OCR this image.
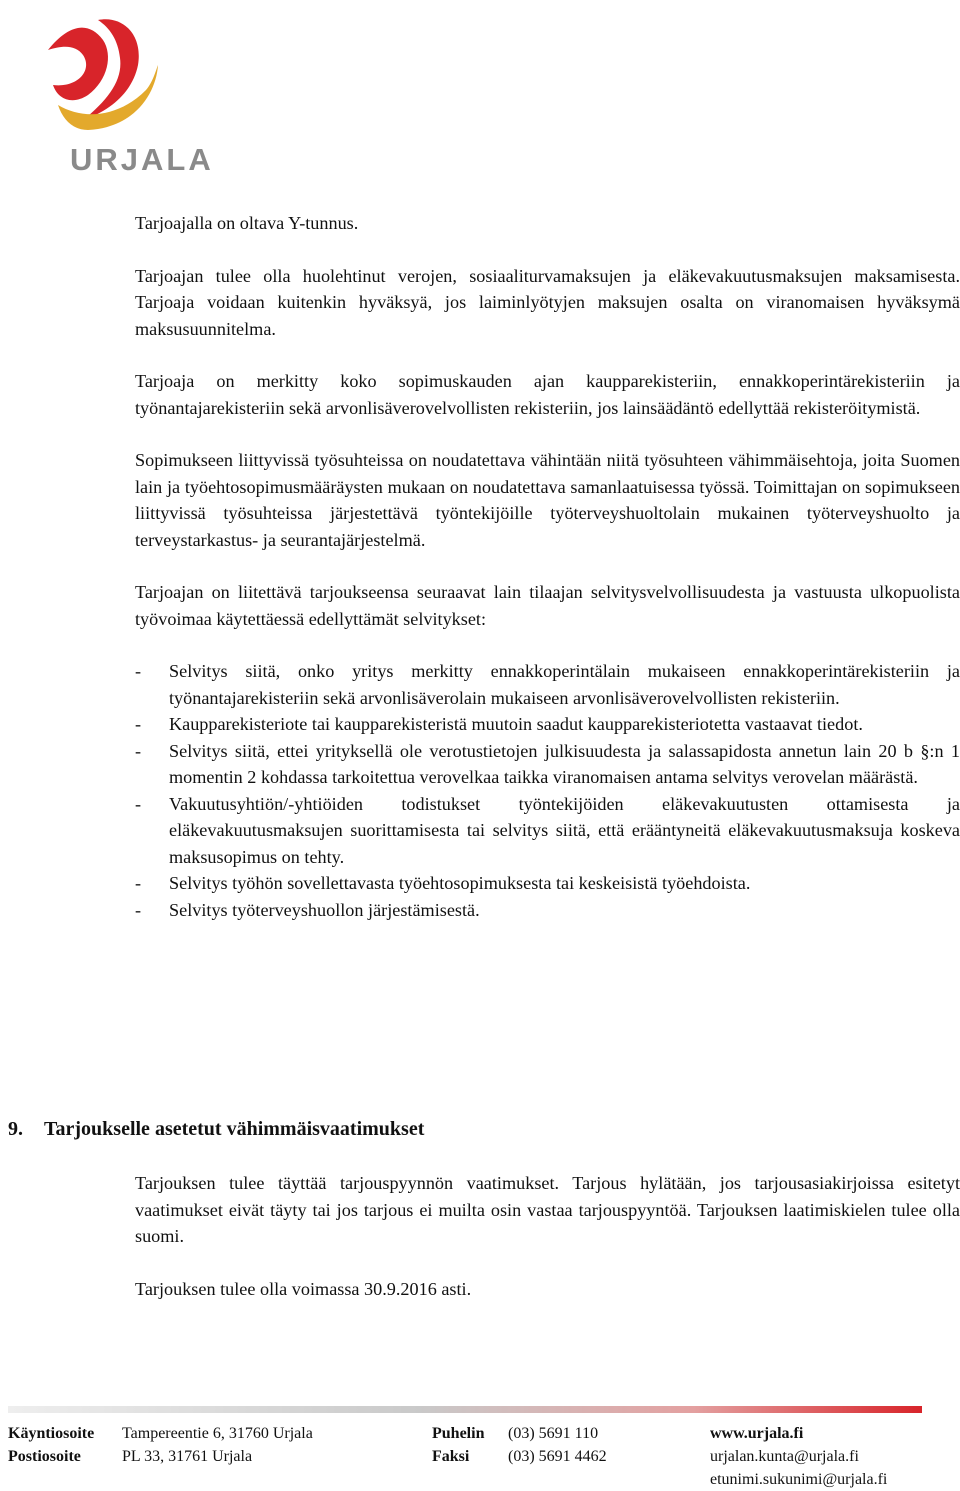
URJALA

Tarjoajalla on oltava Y-tunnus.

Tarjoajan tulee olla huolehtinut verojen, sosiaaliturvamaksujen ja eläkevakuutusmaksujen maksamisesta. Tarjoaja voidaan kuitenkin hyväksyä, jos laiminlyötyjen maksujen osalta on viranomaisen hyväksymä maksusuunnitelma.

Tarjoaja on merkitty koko sopimuskauden ajan kaupparekisteriin, ennakkoperintärekisteriin ja työnantajarekisteriin sekä arvonlisäverovelvollisten rekisteriin, jos lainsäädäntö edellyttää rekisteröitymistä.

Sopimukseen liittyvissä työsuhteissa on noudatettava vähintään niitä työsuhteen vähimmäisehtoja, joita Suomen lain ja työehtosopimusmääräysten mukaan on noudatettava samanlaatuisessa työssä. Toimittajan on sopimukseen liittyvissä työsuhteissa järjestettävä työntekijöille työterveyshuoltolain mukainen työterveyshuolto ja terveystarkastus- ja seurantajärjestelmä.

Tarjoajan on liitettävä tarjoukseensa seuraavat lain tilaajan selvitysvelvollisuudesta ja vastuusta ulkopuolista työvoimaa käytettäessä edellyttämät selvitykset:

- Selvitys siitä, onko yritys merkitty ennakkoperintälain mukaiseen ennakkoperintärekisteriin ja työnantajarekisteriin sekä arvonlisäverolain mukaiseen arvonlisäverovelvollisten rekisteriin.
- Kaupparekisteriote tai kaupparekisteristä muutoin saadut kaupparekisteriotetta vastaavat tiedot.
- Selvitys siitä, ettei yrityksellä ole verotustietojen julkisuudesta ja salassapidosta annetun lain 20 b §:n 1 momentin 2 kohdassa tarkoitettua verovelkaa taikka viranomaisen antama selvitys verovelan määrästä.
- Vakuutusyhtiön/-yhtiöiden todistukset työntekijöiden eläkevakuutusten ottamisesta ja eläkevakuutusmaksujen suorittamisesta tai selvitys siitä, että erääntyneitä eläkevakuutusmaksuja koskeva maksusopimus on tehty.
- Selvitys työhön sovellettavasta työehtosopimuksesta tai keskeisistä työehdoista.
- Selvitys työterveyshuollon järjestämisestä.
9. Tarjoukselle asetetut vähimmäisvaatimukset

Tarjouksen tulee täyttää tarjouspyynnön vaatimukset. Tarjous hylätään, jos tarjousasiakirjoissa esitetyt vaatimukset eivät täyty tai jos tarjous ei muilta osin vastaa tarjouspyyntöä. Tarjouksen laatimiskielen tulee olla suomi.

Tarjouksen tulee olla voimassa 30.9.2016 asti.

Käyntiosoite Tampereentie 6, 31760 Urjala
Postiosoite	PL 33, 31761 Urjala
Puhelin (03) 5691 110
Faksi (03) 5691 4462
www.urjala.fi
urjalan.kunta@urjala.fi
etunimi.sukunimi@urjala.fi
